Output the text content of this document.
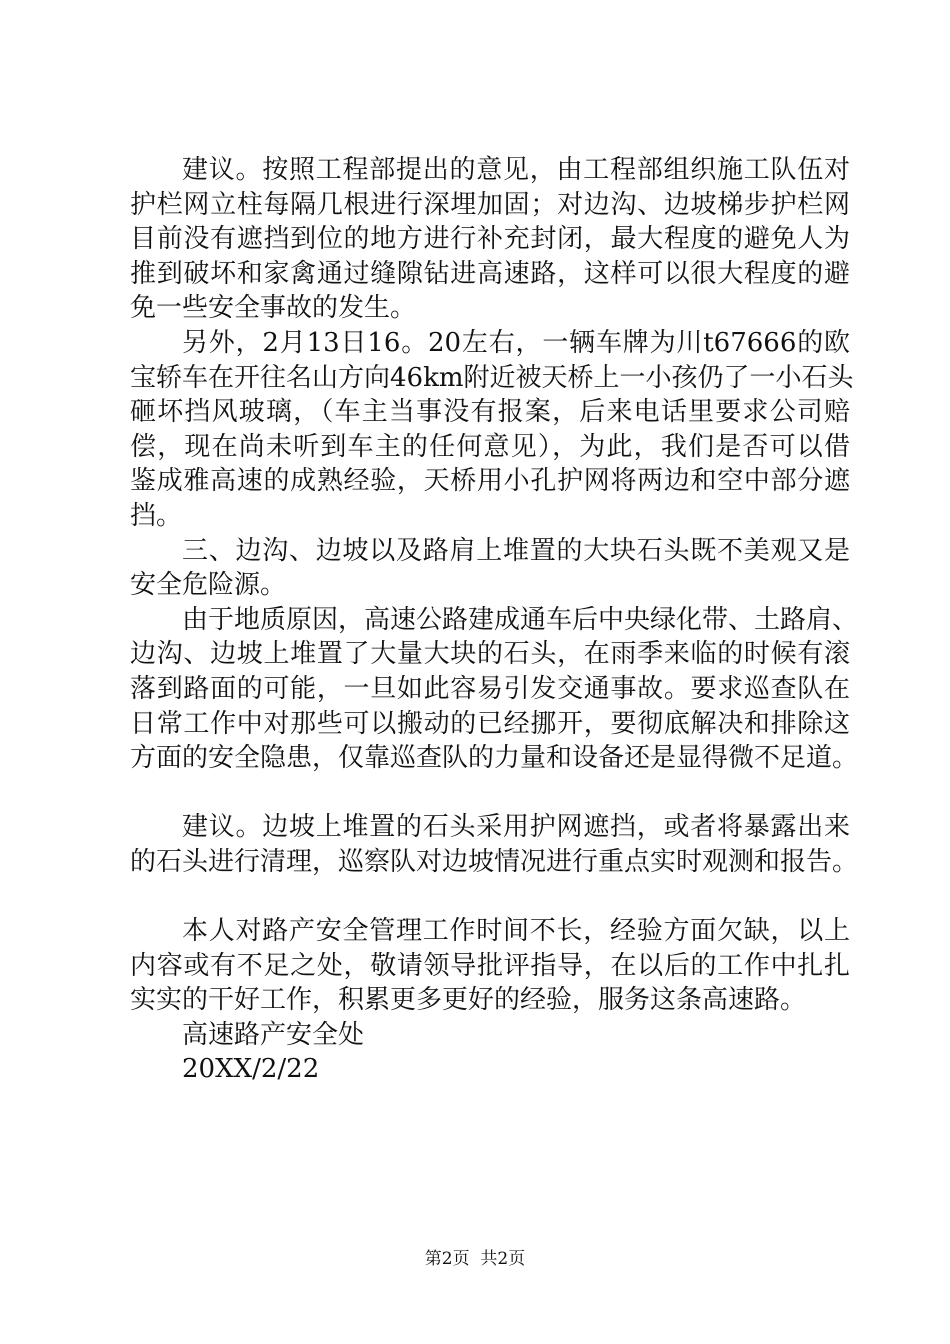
建议。按照工程部提出的意见，由工程部组织施工队伍对
护栏网立柱每隔几根进行深埋加固；对边沟、边坡梯步护栏网
目前没有遮挡到位的地方进行补充封闭，最大程度的避免人为
推到破坏和家禽通过缝隙钻进高速路，这样可以很大程度的避
免一些安全事故的发生。
另外，2月13日16。20左右，一辆车牌为川t67666的欧
宝轿车在开往名山方向46km附近被天桥上一小孩仍了一小石头
砸坏挡风玻璃，（车主当事没有报案，后来电话里要求公司赔
偿，现在尚未听到车主的任何意见），为此，我们是否可以借
鉴成雅高速的成熟经验，天桥用小孔护网将两边和空中部分遮
挡。
三、边沟、边坡以及路肩上堆置的大块石头既不美观又是
安全危险源。
由于地质原因，高速公路建成通车后中央绿化带、土路肩、
边沟、边坡上堆置了大量大块的石头，在雨季来临的时候有滚
落到路面的可能，一旦如此容易引发交通事故。要求巡查队在
日常工作中对那些可以搬动的已经挪开，要彻底解决和排除这
方面的安全隐患，仅靠巡查队的力量和设备还是显得微不足道。
建议。边坡上堆置的石头采用护网遮挡，或者将暴露出来
的石头进行清理，巡察队对边坡情况进行重点实时观测和报告。
本人对路产安全管理工作时间不长，经验方面欠缺，以上
内容或有不足之处，敬请领导批评指导，在以后的工作中扎扎
实实的干好工作，积累更多更好的经验，服务这条高速路。
高速路产安全处
20XX/2/22
第2页  共2页
